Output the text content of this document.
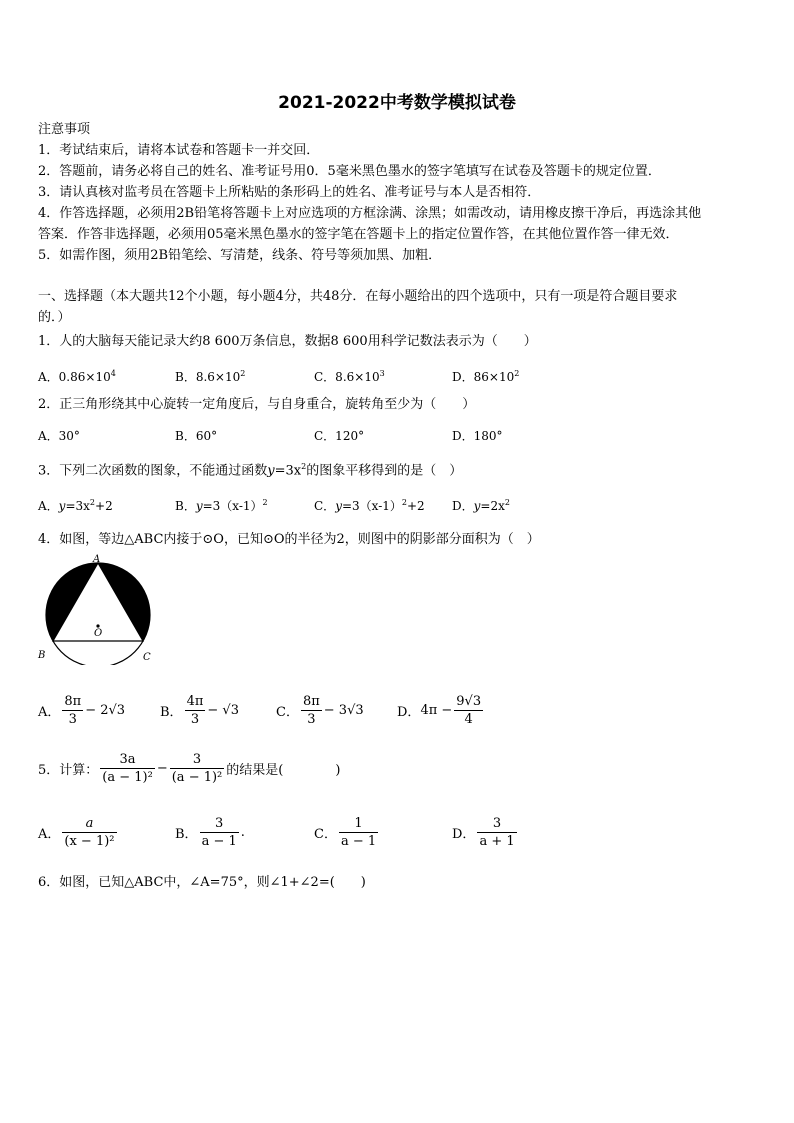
2021-2022中考数学模拟试卷
注意事项
1．考试结束后，请将本试卷和答题卡一并交回．
2．答题前，请务必将自己的姓名、准考证号用0．5毫米黑色墨水的签字笔填写在试卷及答题卡的规定位置．
3．请认真核对监考员在答题卡上所粘贴的条形码上的姓名、准考证号与本人是否相符．
4．作答选择题，必须用2B铅笔将答题卡上对应选项的方框涂满、涂黑；如需改动，请用橡皮擦干净后，再选涂其他
答案．作答非选择题，必须用05毫米黑色墨水的签字笔在答题卡上的指定位置作答，在其他位置作答一律无效．
5．如需作图，须用2B铅笔绘、写清楚，线条、符号等须加黑、加粗．
一、选择题（本大题共12个小题，每小题4分，共48分．在每小题给出的四个选项中，只有一项是符合题目要求
的．）
1．人的大脑每天能记录大约8 600万条信息，数据8 600用科学记数法表示为（　　）
A．$0.86\times 10^4$	B．$8.6\times 10^2$	C．$8.6\times 10^3$	D．$86\times 10^2$
2．正三角形绕其中心旋转一定角度后，与自身重合，旋转角至少为（　　）
A．30°	B．60°	C．120°	D．180°
3．下列二次函数的图象，不能通过函数$y=3x^2$的图象平移得到的是（　）
A．$y=3x^2+2$	B．$y=3(x-1)^2$	C．$y=3(x-1)^2+2$ D．$y=2x^2$
4．如图，等边△ABC内接于⊙O，已知⊙O的半径为2，则图中的阴影部分面积为（　）
A
B	C
O
A． $\frac{8\pi}{3} - 2√3$	B． $\frac{4\pi}{3} - √3$	C． $\frac{8\pi}{3} - 3√3$	D． $4\pi - \frac{9√3}{4}$
5．计算： $\frac{3a}{\text{(a − 1)²}} - \frac{3}{\text{(a − 1)²}}$ 的结果是(　　　　)
A． $\frac{a}{\text{(x − 1)²}}$	B． $\frac{3}{a - 1}$ .	C． $\frac{1}{a - 1}$	D． $\frac{3}{a + 1}$
6．如图，已知△ABC中，∠A=75°，则∠1+∠2=(　　)
